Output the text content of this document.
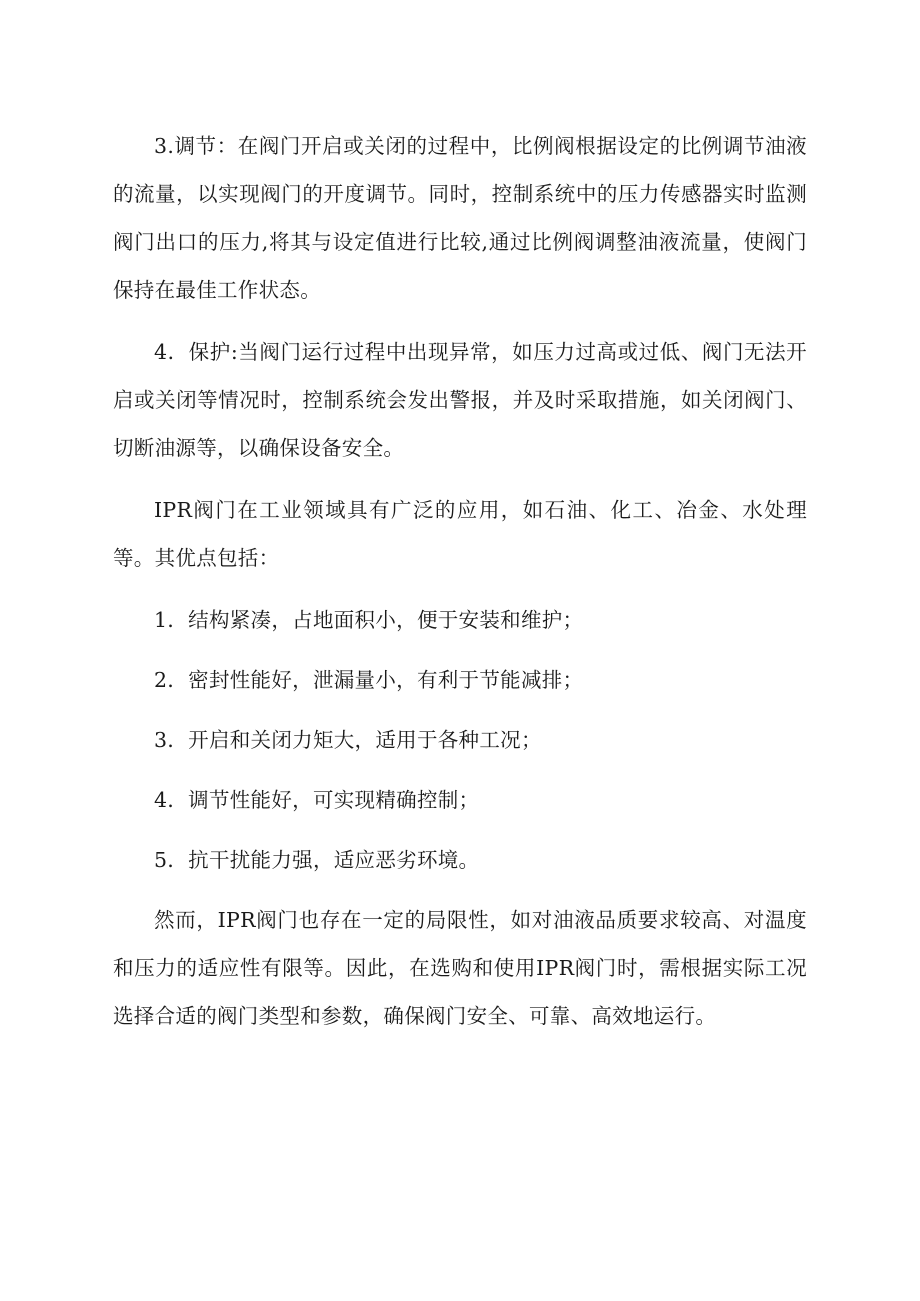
3.调节：在阀门开启或关闭的过程中，比例阀根据设定的比例调节油液的流量，以实现阀门的开度调节。同时，控制系统中的压力传感器实时监测阀门出口的压力,将其与设定值进行比较,通过比例阀调整油液流量，使阀门保持在最佳工作状态。

4．保护:当阀门运行过程中出现异常，如压力过高或过低、阀门无法开启或关闭等情况时，控制系统会发出警报，并及时采取措施，如关闭阀门、切断油源等，以确保设备安全。

IPR阀门在工业领域具有广泛的应用，如石油、化工、冶金、水处理等。其优点包括：

1．结构紧凑，占地面积小，便于安装和维护；

2．密封性能好，泄漏量小，有利于节能减排；

3．开启和关闭力矩大，适用于各种工况；

4．调节性能好，可实现精确控制；

5．抗干扰能力强，适应恶劣环境。

然而，IPR阀门也存在一定的局限性，如对油液品质要求较高、对温度和压力的适应性有限等。因此，在选购和使用IPR阀门时，需根据实际工况选择合适的阀门类型和参数，确保阀门安全、可靠、高效地运行。
